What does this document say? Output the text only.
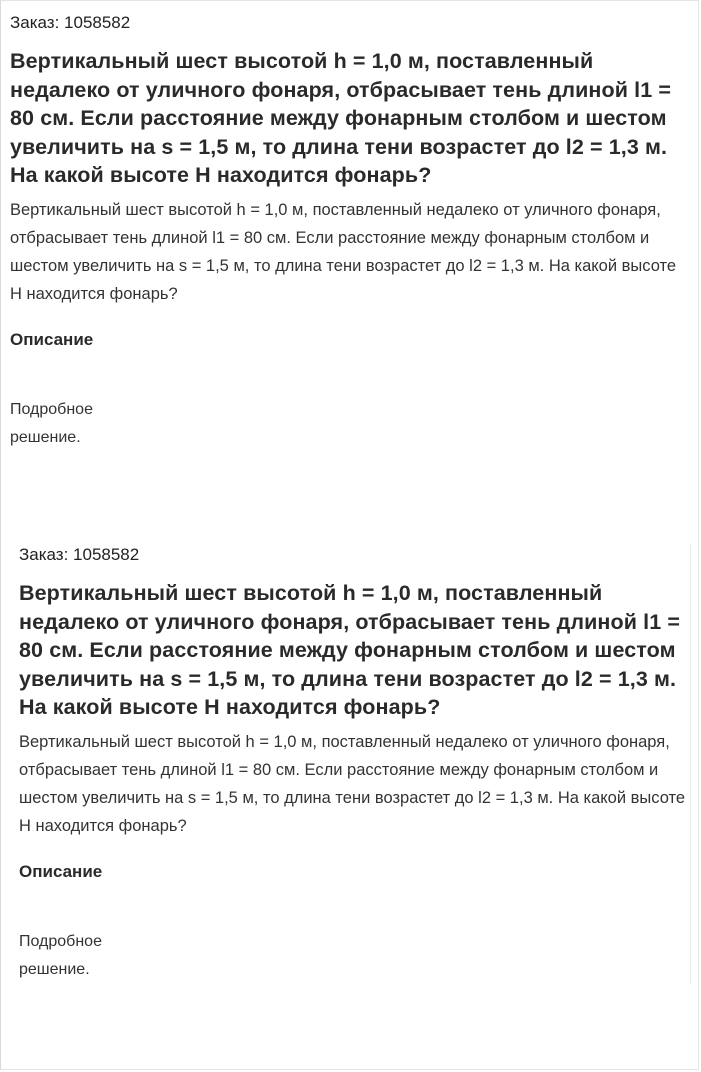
Заказ: 1058582
Вертикальный шест высотой h = 1,0 м, поставленный недалеко от уличного фонаря, отбрасывает тень длиной l1 = 80 см. Если расстояние между фонарным столбом и шестом увеличить на s = 1,5 м, то длина тени возрастет до l2 = 1,3 м. На какой высоте H находится фонарь?

Вертикальный шест высотой h = 1,0 м, поставленный недалеко от уличного фонаря, отбрасывает тень длиной l1 = 80 см. Если расстояние между фонарным столбом и шестом увеличить на s = 1,5 м, то длина тени возрастет до l2 = 1,3 м. На какой высоте H находится фонарь?

Описание

Подробное решение.

Заказ: 1058582
Вертикальный шест высотой h = 1,0 м, поставленный недалеко от уличного фонаря, отбрасывает тень длиной l1 = 80 см. Если расстояние между фонарным столбом и шестом увеличить на s = 1,5 м, то длина тени возрастет до l2 = 1,3 м. На какой высоте H находится фонарь?

Вертикальный шест высотой h = 1,0 м, поставленный недалеко от уличного фонаря, отбрасывает тень длиной l1 = 80 см. Если расстояние между фонарным столбом и шестом увеличить на s = 1,5 м, то длина тени возрастет до l2 = 1,3 м. На какой высоте H находится фонарь?

Описание

Подробное решение.
